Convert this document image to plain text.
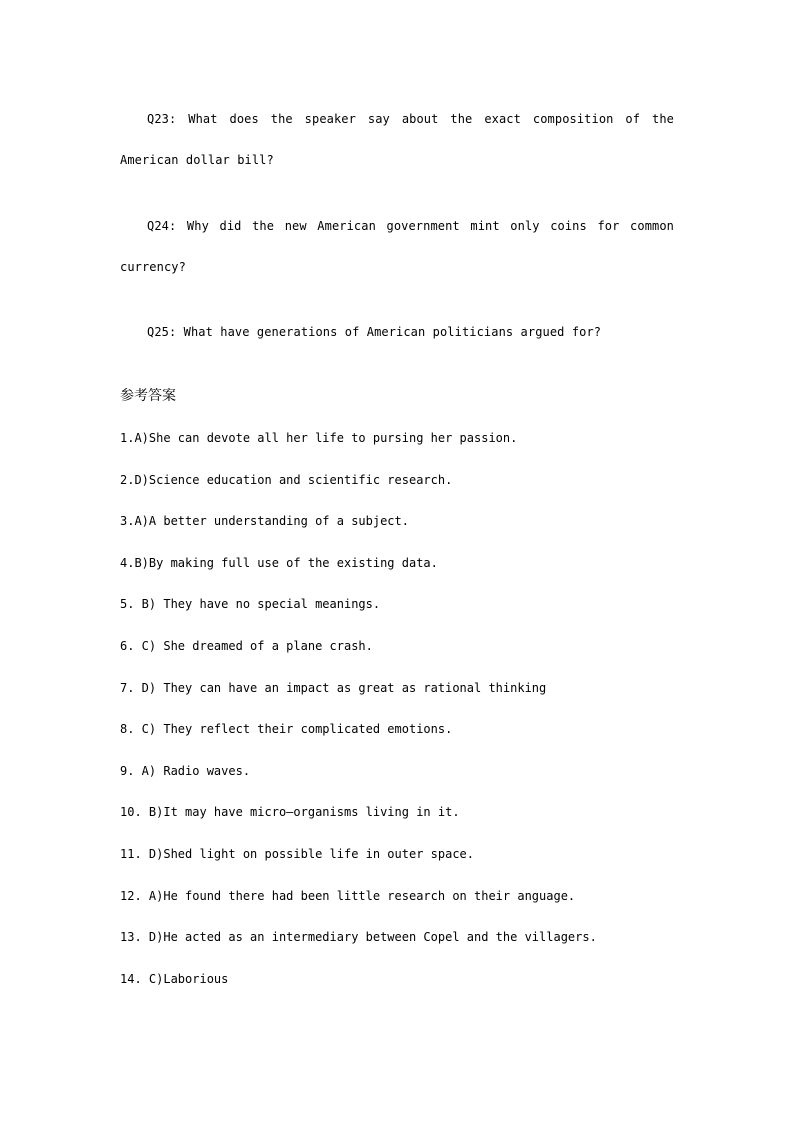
Q23: What does the speaker say about the exact composition of the American dollar bill?

Q24: Why did the new American government mint only coins for common currency?

Q25: What have generations of American politicians argued for?

参考答案

1.A)She can devote all her life to pursing her passion.
2.D)Science education and scientific research.
3.A)A better understanding of a subject.
4.B)By making full use of the existing data.
5. B) They have no special meanings.
6. C) She dreamed of a plane crash.
7. D) They can have an impact as great as rational thinking
8. C) They reflect their complicated emotions.
9. A) Radio waves.
10. B)It may have micro—organisms living in it.
11. D)Shed light on possible life in outer space.
12. A)He found there had been little research on their anguage.
13. D)He acted as an intermediary between Copel and the villagers.
14. C)Laborious
